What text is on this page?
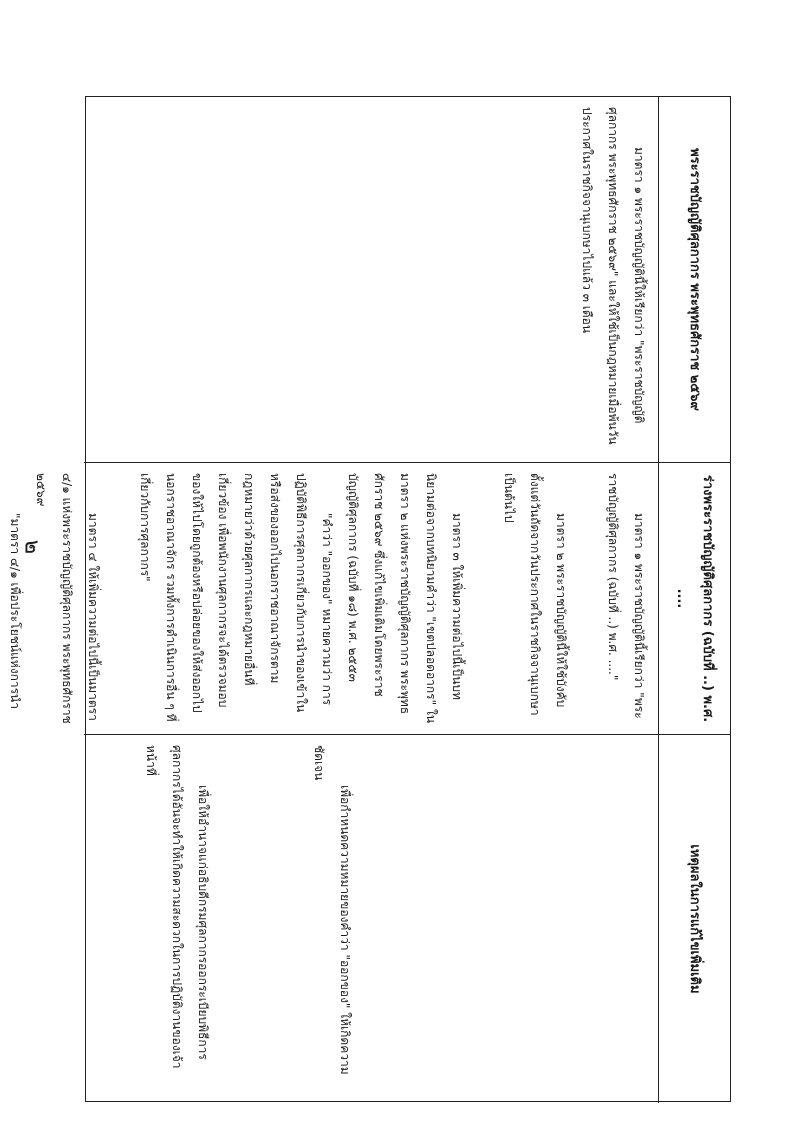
๒
พระราชบัญญัติศุลกากร พระพุทธศักราช ๒๕๖๙
ร่างพระราชบัญญัติศุลกากร (ฉบับที่ ..) พ.ศ. ....
เหตุผลในการแก้ไขเพิ่มเติม

มาตรา ๑ พระราชบัญญัตินี้ให้เรียกว่า "พระราชบัญญัติศุลกากร พระพุทธศักราช ๒๕๖๙" และให้ใช้เป็นกฎหมายเมื่อพ้นวันประกาศในราชกิจจานุเบกษาไปแล้ว ๓ เดือน

มาตรา ๑ พระราชบัญญัตินี้เรียกว่า "พระราชบัญญัติศุลกากร (ฉบับที่ ..) พ.ศ. ...."

มาตรา ๒ พระราชบัญญัตินี้ให้ใช้บังคับตั้งแต่วันถัดจากวันประกาศในราชกิจจานุเบกษาเป็นต้นไป

มาตรา ๓ ให้เพิ่มความต่อไปนี้เป็นบทนิยามต่อจากบทนิยามคำว่า "เขตปลอดอากร" ในมาตรา ๒ แห่งพระราชบัญญัติศุลกากร พระพุทธศักราช ๒๕๖๙ ซึ่งแก้ไขเพิ่มเติมโดยพระราชบัญญัติศุลกากร (ฉบับที่ ๑๘) พ.ศ. ๒๕๕๓

"คำว่า "ออกของ" หมายความว่า การปฏิบัติพิธีการศุลกากรเกี่ยวกับการนำของเข้าในหรือส่งของออกไปนอกราชอาณาจักรตามกฎหมายว่าด้วยศุลกากรและกฎหมายอื่นที่เกี่ยวข้อง เพื่อพนักงานศุลกากรจะได้ตรวจมอบของให้ไปโดยถูกต้องหรือปล่อยของให้ส่งออกไปนอกราชอาณาจักร รวมทั้งการดำเนินการอื่น ๆ ที่เกี่ยวกับการศุลกากร"

มาตรา ๔ ให้เพิ่มความต่อไปนี้เป็นมาตรา ๔/๑ แห่งพระราชบัญญัติศุลกากร พระพุทธศักราช ๒๕๖๙

"มาตรา ๔/๑ เพื่อประโยชน์แห่งการนำ

เพื่อกำหนดความหมายของคำว่า "ออกของ" ให้เกิดความชัดเจน

เพื่อให้อำนาจแก่อธิบดีกรมศุลกากรออกระเบียบพิธีการศุลกากรได้อันจะทำให้เกิดความสะดวกในการปฏิบัติงานของเจ้าหน้าที่
